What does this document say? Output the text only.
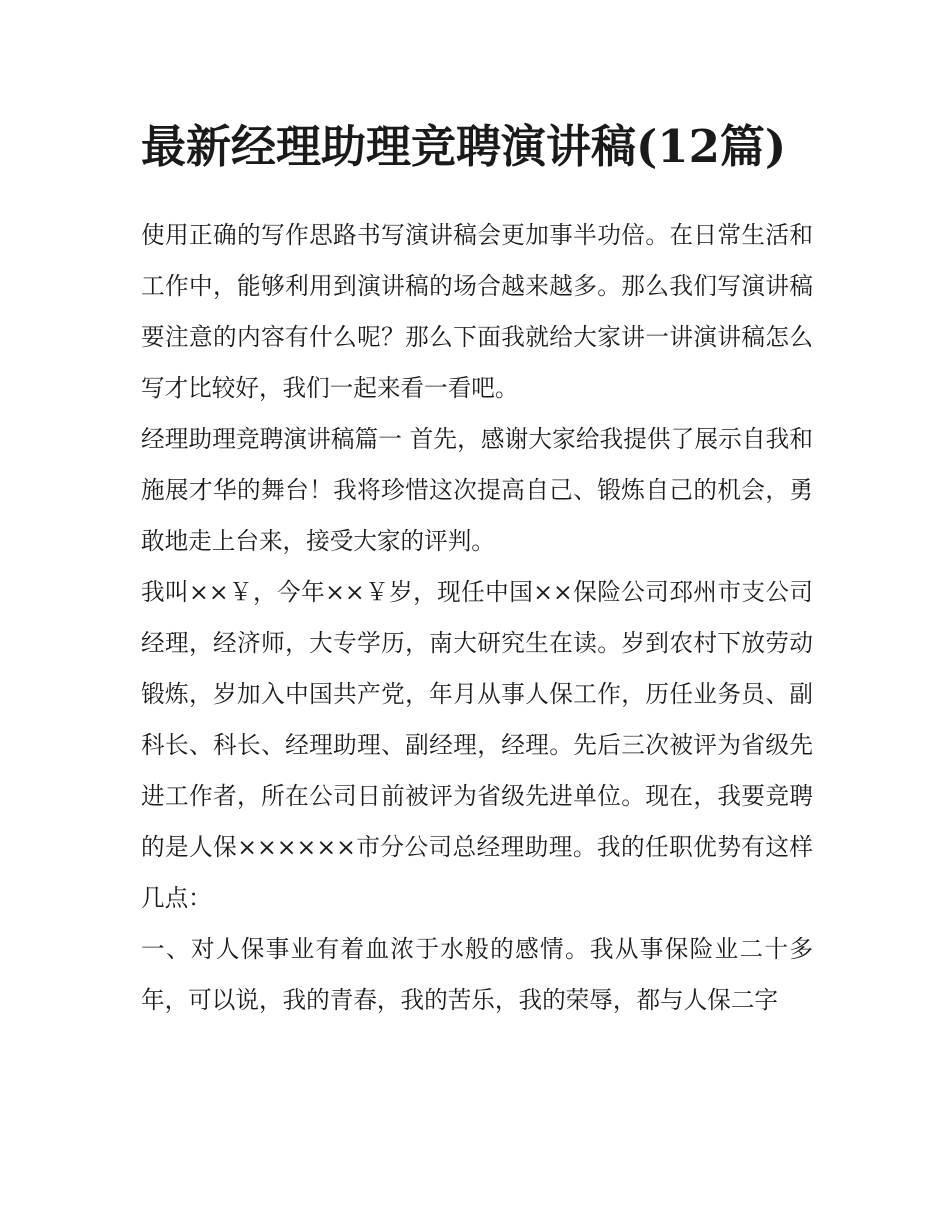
最新经理助理竞聘演讲稿(12篇)

使用正确的写作思路书写演讲稿会更加事半功倍。在日常生活和工作中，能够利用到演讲稿的场合越来越多。那么我们写演讲稿要注意的内容有什么呢？那么下面我就给大家讲一讲演讲稿怎么写才比较好，我们一起来看一看吧。

经理助理竞聘演讲稿篇一 首先，感谢大家给我提供了展示自我和施展才华的舞台！我将珍惜这次提高自己、锻炼自己的机会，勇敢地走上台来，接受大家的评判。

我叫××￥，今年××￥岁，现任中国××保险公司邳州市支公司经理，经济师，大专学历，南大研究生在读。岁到农村下放劳动锻炼，岁加入中国共产党，年月从事人保工作，历任业务员、副科长、科长、经理助理、副经理，经理。先后三次被评为省级先进工作者，所在公司日前被评为省级先进单位。现在，我要竞聘的是人保××××××市分公司总经理助理。我的任职优势有这样几点：

一、对人保事业有着血浓于水般的感情。我从事保险业二十多年，可以说，我的青春，我的苦乐，我的荣辱，都与人保二字
